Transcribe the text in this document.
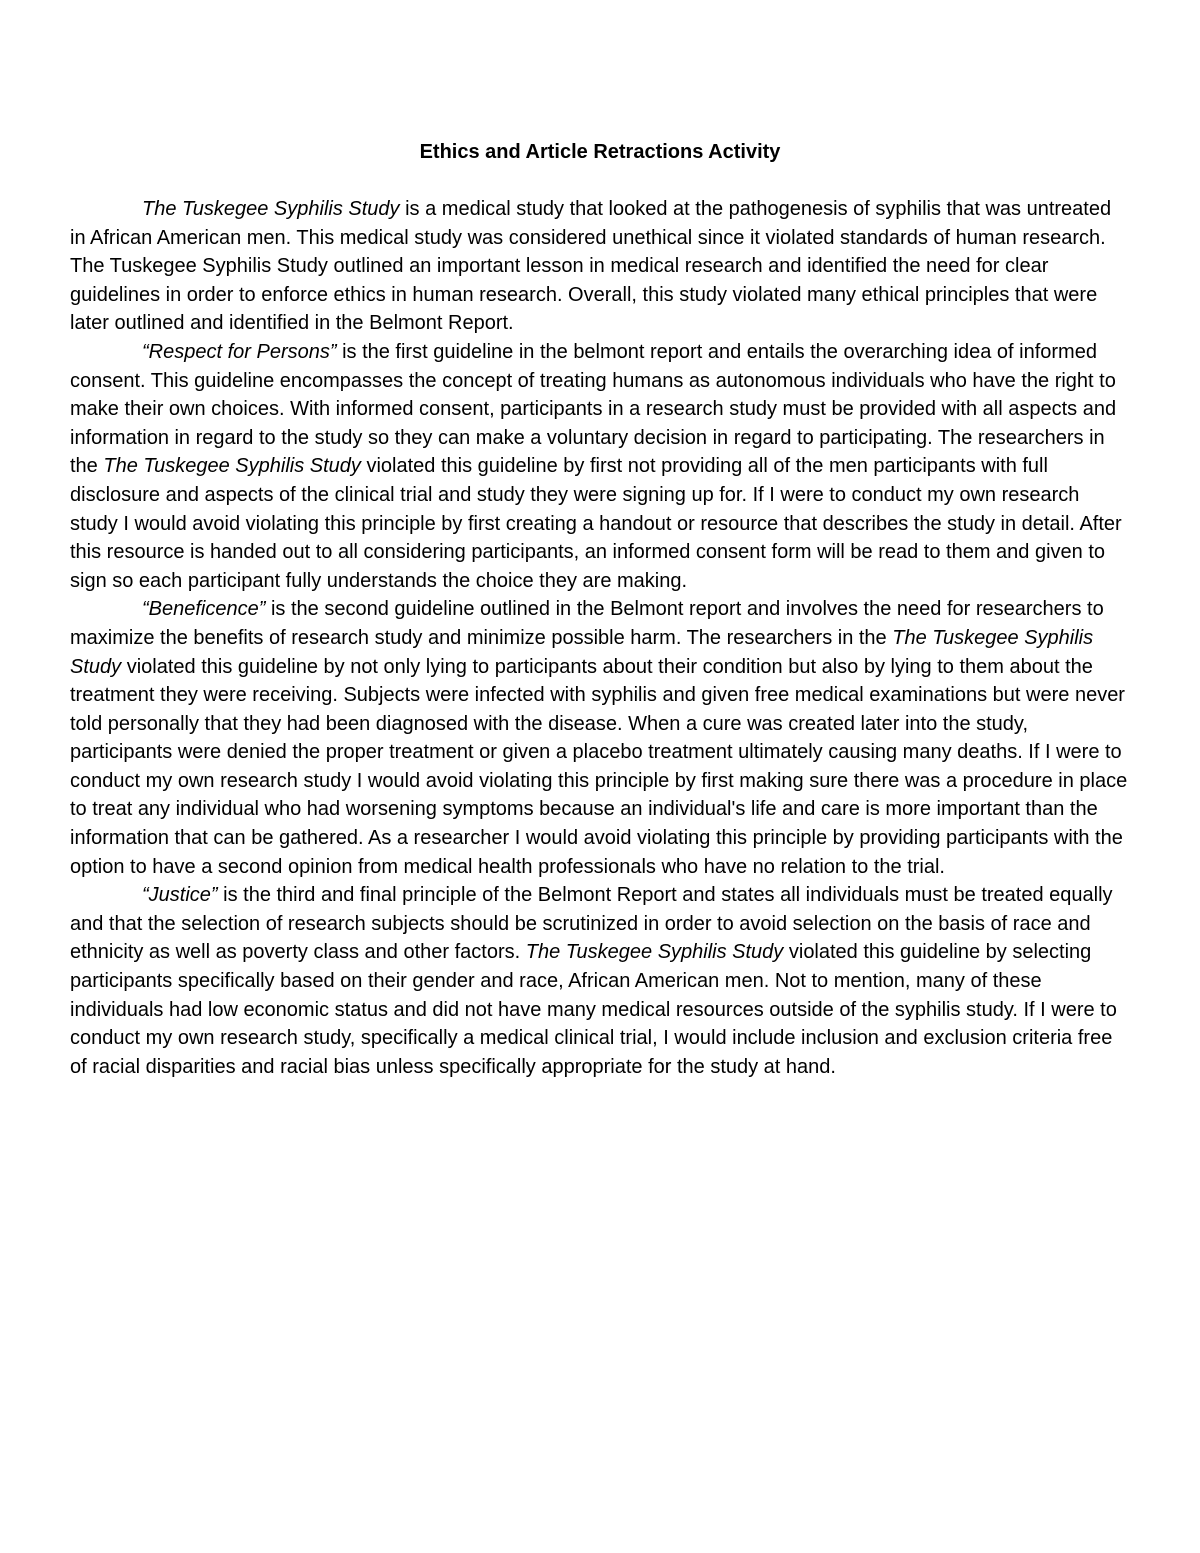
Ethics and Article Retractions Activity

The Tuskegee Syphilis Study is a medical study that looked at the pathogenesis of syphilis that was untreated in African American men. This medical study was considered unethical since it violated standards of human research. The Tuskegee Syphilis Study outlined an important lesson in medical research and identified the need for clear guidelines in order to enforce ethics in human research. Overall, this study violated many ethical principles that were later outlined and identified in the Belmont Report.

“Respect for Persons” is the first guideline in the belmont report and entails the overarching idea of informed consent. This guideline encompasses the concept of treating humans as autonomous individuals who have the right to make their own choices. With informed consent, participants in a research study must be provided with all aspects and information in regard to the study so they can make a voluntary decision in regard to participating. The researchers in the The Tuskegee Syphilis Study violated this guideline by first not providing all of the men participants with full disclosure and aspects of the clinical trial and study they were signing up for. If I were to conduct my own research study I would avoid violating this principle by first creating a handout or resource that describes the study in detail. After this resource is handed out to all considering participants, an informed consent form will be read to them and given to sign so each participant fully understands the choice they are making.

“Beneficence” is the second guideline outlined in the Belmont report and involves the need for researchers to maximize the benefits of research study and minimize possible harm. The researchers in the The Tuskegee Syphilis Study violated this guideline by not only lying to participants about their condition but also by lying to them about the treatment they were receiving. Subjects were infected with syphilis and given free medical examinations but were never told personally that they had been diagnosed with the disease. When a cure was created later into the study, participants were denied the proper treatment or given a placebo treatment ultimately causing many deaths. If I were to conduct my own research study I would avoid violating this principle by first making sure there was a procedure in place to treat any individual who had worsening symptoms because an individual's life and care is more important than the information that can be gathered. As a researcher I would avoid violating this principle by providing participants with the option to have a second opinion from medical health professionals who have no relation to the trial.

“Justice” is the third and final principle of the Belmont Report and states all individuals must be treated equally and that the selection of research subjects should be scrutinized in order to avoid selection on the basis of race and ethnicity as well as poverty class and other factors. The Tuskegee Syphilis Study violated this guideline by selecting participants specifically based on their gender and race, African American men. Not to mention, many of these individuals had low economic status and did not have many medical resources outside of the syphilis study. If I were to conduct my own research study, specifically a medical clinical trial, I would include inclusion and exclusion criteria free of racial disparities and racial bias unless specifically appropriate for the study at hand.
